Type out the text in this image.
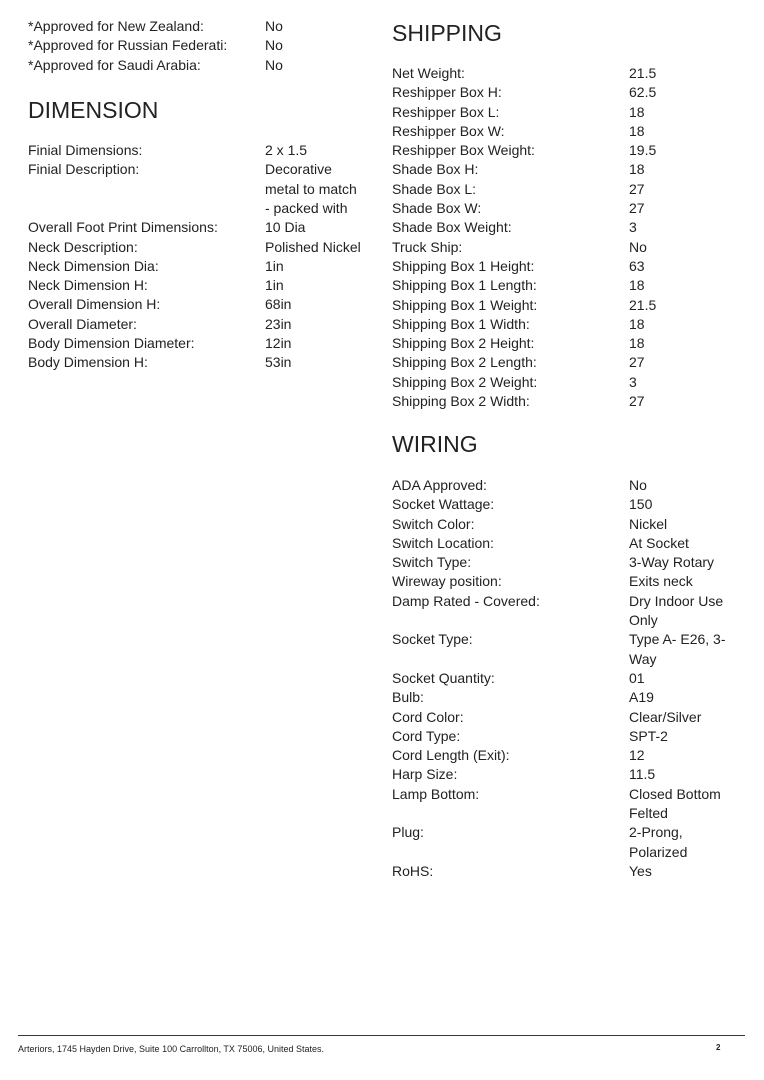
*Approved for New Zealand:	No
*Approved for Russian Federati:	No
*Approved for Saudi Arabia:	No
DIMENSION
Finial Dimensions:	2 x 1.5
Finial Description:	Decorative metal to match - packed with
Overall Foot Print Dimensions:	10 Dia
Neck Description:	Polished Nickel
Neck Dimension Dia:	1in
Neck Dimension H:	1in
Overall Dimension H:	68in
Overall Diameter:	23in
Body Dimension Diameter:	12in
Body Dimension H:	53in
SHIPPING
Net Weight:	21.5
Reshipper Box H:	62.5
Reshipper Box L:	18
Reshipper Box W:	18
Reshipper Box Weight:	19.5
Shade Box H:	18
Shade Box L:	27
Shade Box W:	27
Shade Box Weight:	3
Truck Ship:	No
Shipping Box 1 Height:	63
Shipping Box 1 Length:	18
Shipping Box 1 Weight:	21.5
Shipping Box 1 Width:	18
Shipping Box 2 Height:	18
Shipping Box 2 Length:	27
Shipping Box 2 Weight:	3
Shipping Box 2 Width:	27
WIRING
ADA Approved:	No
Socket Wattage:	150
Switch Color:	Nickel
Switch Location:	At Socket
Switch Type:	3-Way Rotary
Wireway position:	Exits neck
Damp Rated - Covered:	Dry Indoor Use Only
Socket Type:	Type A- E26, 3-Way
Socket Quantity:	01
Bulb:	A19
Cord Color:	Clear/Silver
Cord Type:	SPT-2
Cord Length (Exit):	12
Harp Size:	11.5
Lamp Bottom:	Closed Bottom Felted
Plug:	2-Prong, Polarized
RoHS:	Yes
Arteriors, 1745 Hayden Drive, Suite 100 Carrollton, TX 75006, United States.	2
